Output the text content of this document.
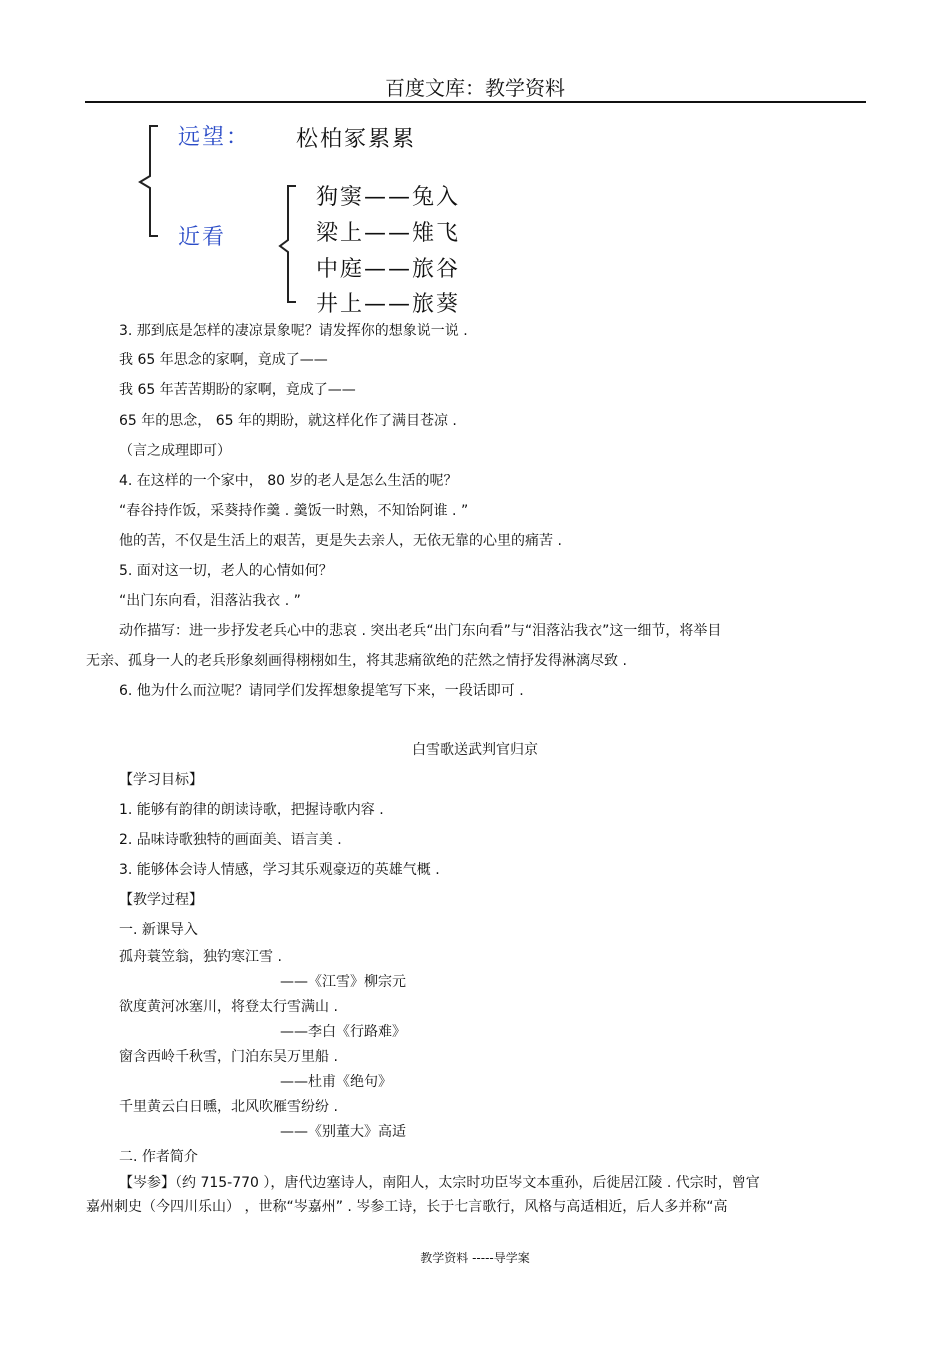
百度文库：教学资料
远望： 松柏冢累累
近看
狗窦——兔入
梁上——雉飞
中庭——旅谷
井上——旅葵
3. 那到底是怎样的凄凉景象呢？请发挥你的想象说一说 .
我 65 年思念的家啊，竟成了——
我 65 年苦苦期盼的家啊，竟成了——
65 年的思念， 65 年的期盼，就这样化作了满目苍凉 .
（言之成理即可）
4. 在这样的一个家中， 80 岁的老人是怎么生活的呢？
“春谷持作饭，采葵持作羹 . 羹饭一时熟，不知饴阿谁 . ”
他的苦，不仅是生活上的艰苦，更是失去亲人，无依无靠的心里的痛苦 .
5. 面对这一切，老人的心情如何？
“出门东向看，泪落沾我衣 . ”
动作描写：进一步抒发老兵心中的悲哀 . 突出老兵“出门东向看”与“泪落沾我衣”这一细节，将举目
无亲、孤身一人的老兵形象刻画得栩栩如生，将其悲痛欲绝的茫然之情抒发得淋漓尽致 .
6. 他为什么而泣呢？请同学们发挥想象提笔写下来，一段话即可 .
白雪歌送武判官归京
【学习目标】
1. 能够有韵律的朗读诗歌，把握诗歌内容 .
2. 品味诗歌独特的画面美、语言美 .
3. 能够体会诗人情感，学习其乐观豪迈的英雄气概 .
【教学过程】
一. 新课导入
孤舟蓑笠翁，独钓寒江雪 .
——《江雪》柳宗元
欲度黄河冰塞川，将登太行雪满山 .
——李白《行路难》
窗含西岭千秋雪，门泊东吴万里船 .
——杜甫《绝句》
千里黄云白日曛，北风吹雁雪纷纷 .
——《别董大》高适
二. 作者简介
【岑参】（约 715-770 ），唐代边塞诗人，南阳人，太宗时功臣岑文本重孙，后徙居江陵 . 代宗时，曾官
嘉州刺史（今四川乐山） ，世称“岑嘉州” . 岑参工诗，长于七言歌行，风格与高适相近，后人多并称“高
教学资料 -----导学案
